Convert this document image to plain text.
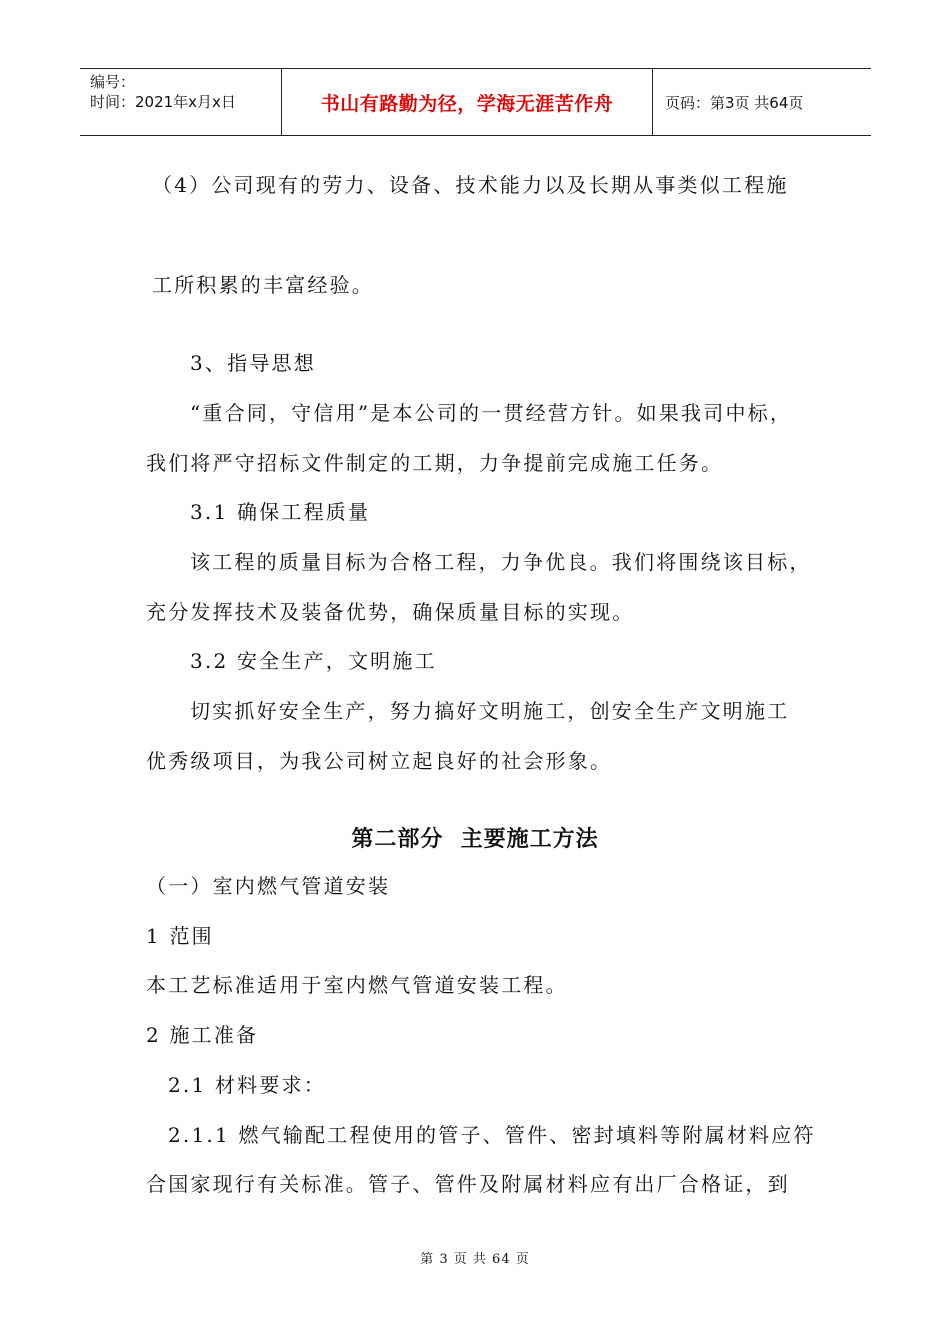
编号：
时间：2021年x月x日	书山有路勤为径，学海无涯苦作舟	页码：第3页 共64页
（4）公司现有的劳力、设备、技术能力以及长期从事类似工程施
工所积累的丰富经验。
3、指导思想
“重合同，守信用”是本公司的一贯经营方针。如果我司中标，
我们将严守招标文件制定的工期，力争提前完成施工任务。
3.1 确保工程质量
该工程的质量目标为合格工程，力争优良。我们将围绕该目标，
充分发挥技术及装备优势，确保质量目标的实现。
3.2 安全生产，文明施工
切实抓好安全生产，努力搞好文明施工，创安全生产文明施工
优秀级项目，为我公司树立起良好的社会形象。
第二部分  主要施工方法
（一）室内燃气管道安装
1 范围
本工艺标准适用于室内燃气管道安装工程。
2 施工准备
2.1 材料要求：
2.1.1 燃气输配工程使用的管子、管件、密封填料等附属材料应符
合国家现行有关标准。管子、管件及附属材料应有出厂合格证，到
第 3 页 共 64 页
